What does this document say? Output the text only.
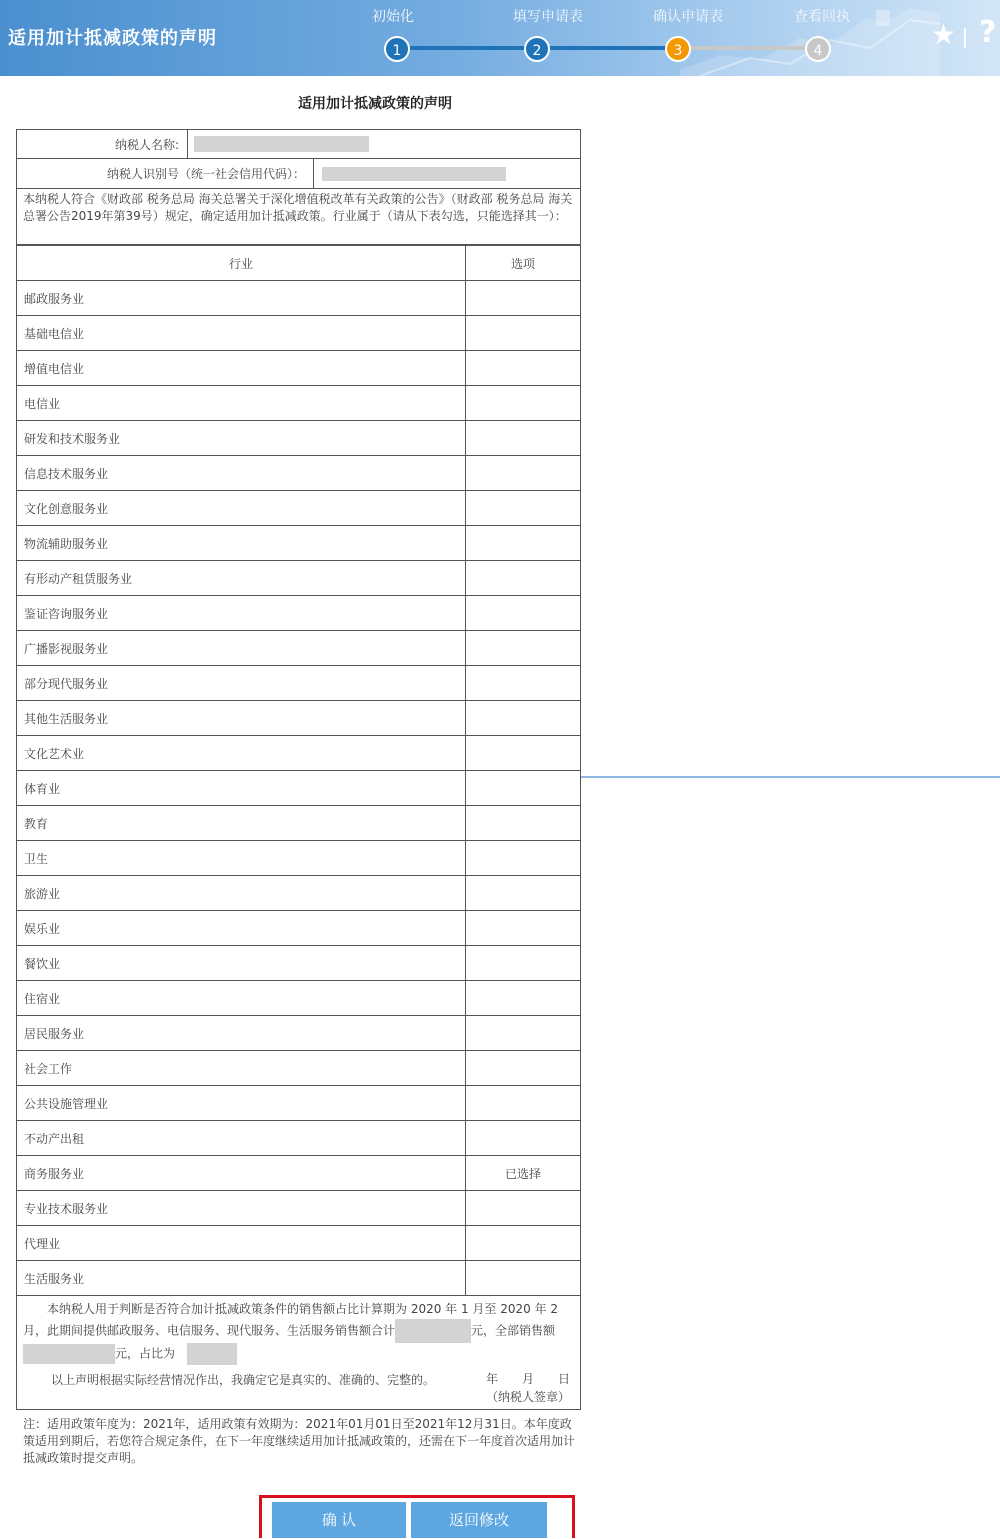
适用加计抵减政策的声明
初始化	填写申请表	确认申请表	查看回执
1	2	3	4	★ ?
适用加计抵减政策的声明
纳税人名称:
纳税人识别号（统一社会信用代码）：
本纳税人符合《财政部 税务总局 海关总署关于深化增值税改革有关政策的公告》（财政部 税务总局 海关总署公告2019年第39号）规定，确定适用加计抵减政策。行业属于（请从下表勾选，只能选择其一）：
行业	选项
邮政服务业	
基础电信业	
增值电信业	
电信业	
研发和技术服务业	
信息技术服务业	
文化创意服务业	
物流辅助服务业	
有形动产租赁服务业	
鉴证咨询服务业	
广播影视服务业	
部分现代服务业	
其他生活服务业	
文化艺术业	
体育业	
教育	
卫生	
旅游业	
娱乐业	
餐饮业	
住宿业	
居民服务业	
社会工作	
公共设施管理业	
不动产出租	
商务服务业	已选择
专业技术服务业	
代理业	
生活服务业	
本纳税人用于判断是否符合加计抵减政策条件的销售额占比计算期为 2020 年 1 月至 2020 年 2 月，此期间提供邮政服务、电信服务、现代服务、生活服务销售额合计	元，全部销售额元，占比为　
以上声明根据实际经营情况作出，我确定它是真实的、准确的、完整的。	年　　月　　日
（纳税人签章）
注：适用政策年度为：2021年，适用政策有效期为：2021年01月01日至2021年12月31日。本年度政策适用到期后，若您符合规定条件，在下一年度继续适用加计抵减政策的，还需在下一年度首次适用加计抵减政策时提交声明。
确 认	返回修改
